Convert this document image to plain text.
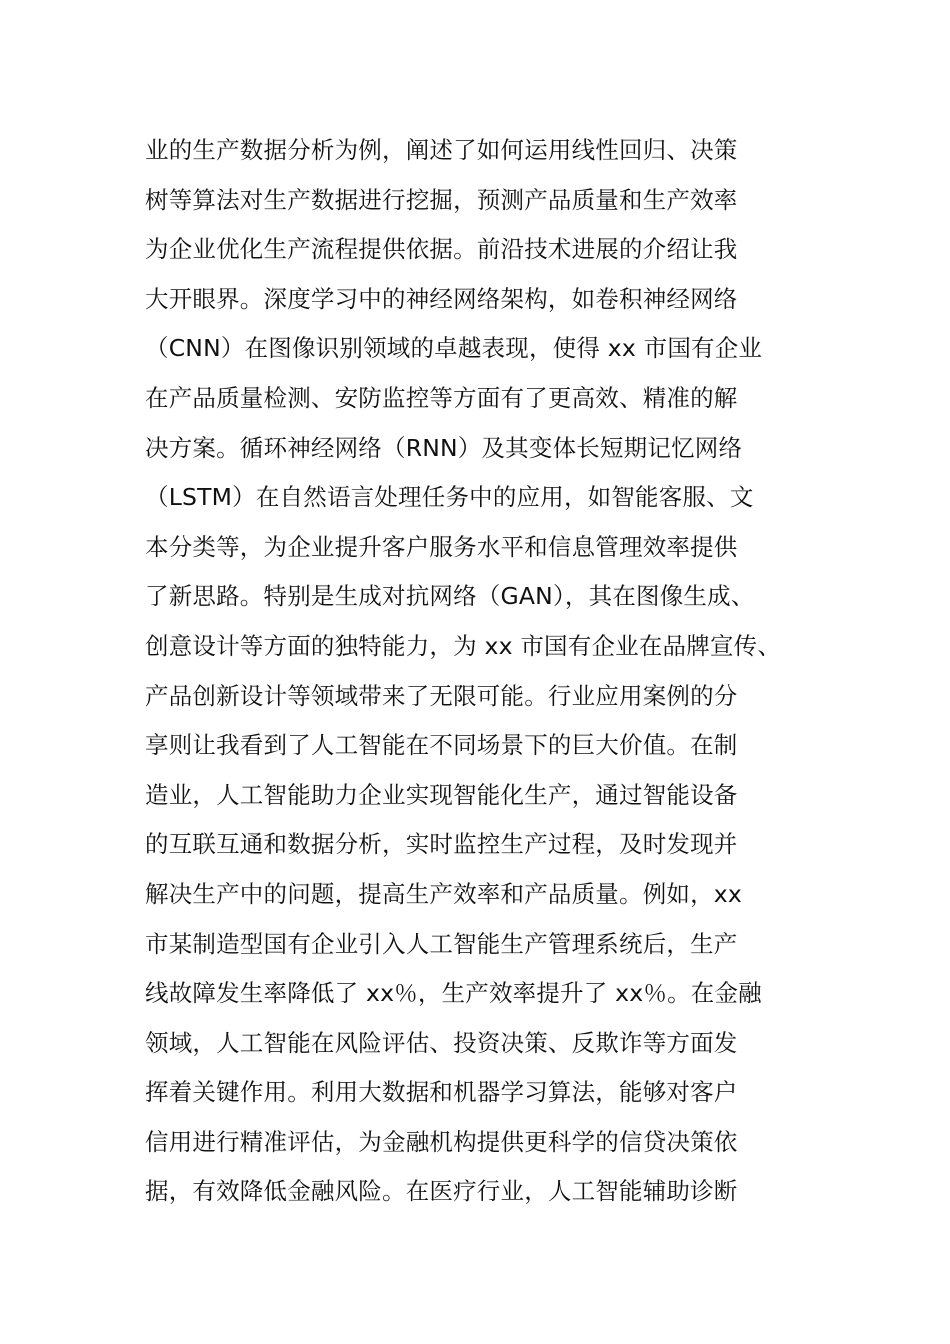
业的生产数据分析为例，阐述了如何运用线性回归、决策
树等算法对生产数据进行挖掘，预测产品质量和生产效率
为企业优化生产流程提供依据。前沿技术进展的介绍让我
大开眼界。深度学习中的神经网络架构，如卷积神经网络
（CNN）在图像识别领域的卓越表现，使得 xx 市国有企业
在产品质量检测、安防监控等方面有了更高效、精准的解
决方案。循环神经网络（RNN）及其变体长短期记忆网络
（LSTM）在自然语言处理任务中的应用，如智能客服、文
本分类等，为企业提升客户服务水平和信息管理效率提供
了新思路。特别是生成对抗网络（GAN），其在图像生成、
创意设计等方面的独特能力，为 xx 市国有企业在品牌宣传、
产品创新设计等领域带来了无限可能。行业应用案例的分
享则让我看到了人工智能在不同场景下的巨大价值。在制
造业，人工智能助力企业实现智能化生产，通过智能设备
的互联互通和数据分析，实时监控生产过程，及时发现并
解决生产中的问题，提高生产效率和产品质量。例如，xx
市某制造型国有企业引入人工智能生产管理系统后，生产
线故障发生率降低了 xx％，生产效率提升了 xx％。在金融
领域，人工智能在风险评估、投资决策、反欺诈等方面发
挥着关键作用。利用大数据和机器学习算法，能够对客户
信用进行精准评估，为金融机构提供更科学的信贷决策依
据，有效降低金融风险。在医疗行业，人工智能辅助诊断
